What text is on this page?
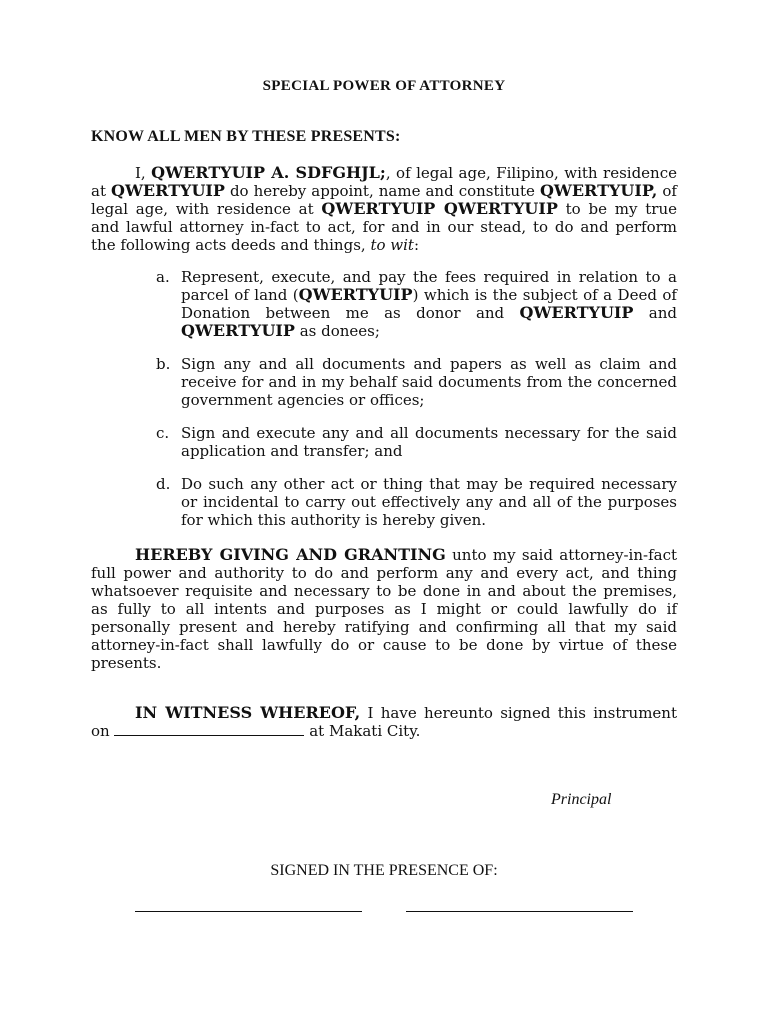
SPECIAL POWER OF ATTORNEY
KNOW ALL MEN BY THESE PRESENTS:
I, QWERTYUIP A. SDFGHJL;, of legal age, Filipino, with residence at QWERTYUIP do hereby appoint, name and constitute QWERTYUIP, of legal age, with residence at QWERTYUIP QWERTYUIP to be my true and lawful attorney in-fact to act, for and in our stead, to do and perform the following acts deeds and things, to wit:
a. Represent, execute, and pay the fees required in relation to a parcel of land (QWERTYUIP) which is the subject of a Deed of Donation between me as donor and QWERTYUIP and QWERTYUIP as donees;
b. Sign any and all documents and papers as well as claim and receive for and in my behalf said documents from the concerned government agencies or offices;
c. Sign and execute any and all documents necessary for the said application and transfer; and
d. Do such any other act or thing that may be required necessary or incidental to carry out effectively any and all of the purposes for which this authority is hereby given.
HEREBY GIVING AND GRANTING unto my said attorney-in-fact full power and authority to do and perform any and every act, and thing whatsoever requisite and necessary to be done in and about the premises, as fully to all intents and purposes as I might or could lawfully do if personally present and hereby ratifying and confirming all that my said attorney-in-fact shall lawfully do or cause to be done by virtue of these presents.
IN WITNESS WHEREOF, I have hereunto signed this instrument on	at Makati City.
Principal
SIGNED IN THE PRESENCE OF:
